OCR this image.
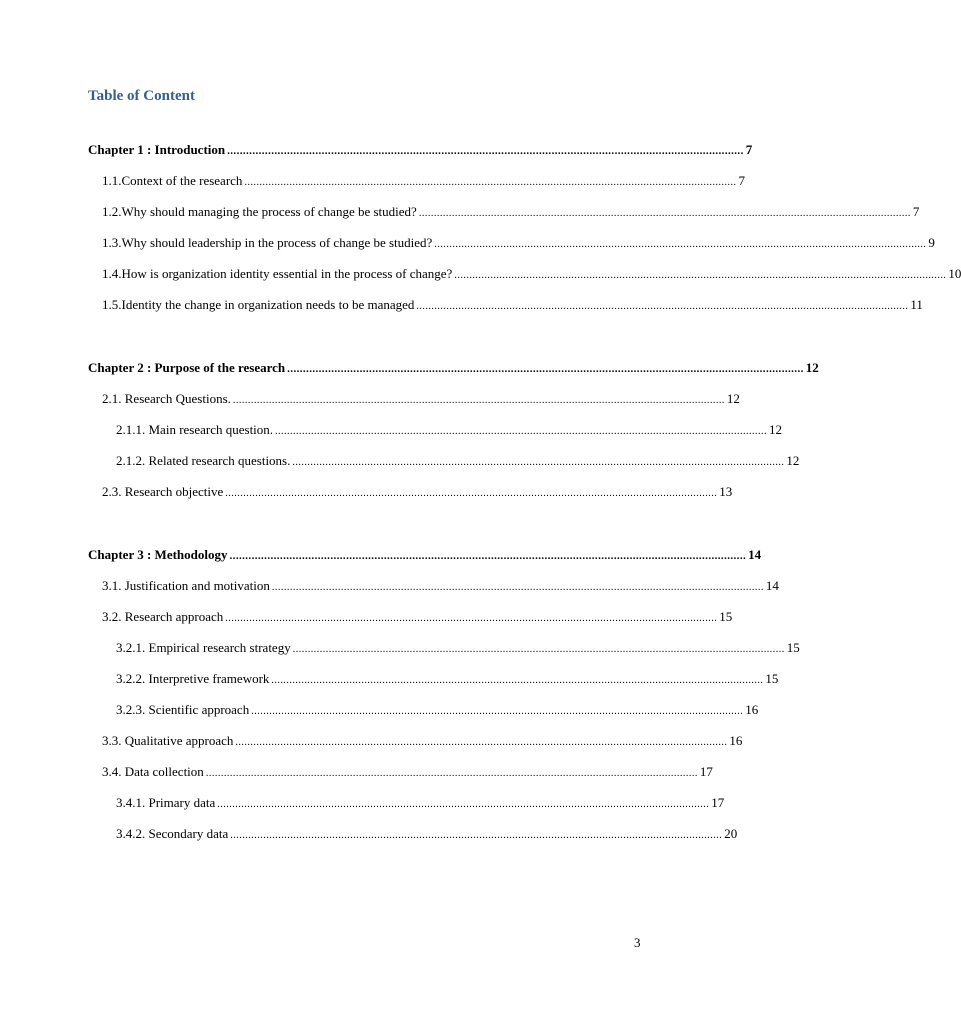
Table of Content
Chapter 1 : Introduction .................................................................................................................................................................... 7
1.1.Context of the research .................................................................................................................................................................... 7
1.2.Why should managing the process of change be studied? .................................................................................................................................................................... 7
1.3.Why should leadership in the process of change be studied? .................................................................................................................................................................... 9
1.4.How is organization identity essential in the process of change? .................................................................................................................................................................... 10
1.5.Identity the change in organization needs to be managed .................................................................................................................................................................... 11
Chapter 2 : Purpose of the research .................................................................................................................................................................... 12
2.1. Research Questions. .................................................................................................................................................................... 12
2.1.1. Main research question. .................................................................................................................................................................... 12
2.1.2. Related research questions. .................................................................................................................................................................... 12
2.3. Research objective .................................................................................................................................................................... 13
Chapter 3 : Methodology .................................................................................................................................................................... 14
3.1. Justification and motivation .................................................................................................................................................................... 14
3.2. Research approach .................................................................................................................................................................... 15
3.2.1. Empirical research strategy .................................................................................................................................................................... 15
3.2.2. Interpretive framework .................................................................................................................................................................... 15
3.2.3. Scientific approach .................................................................................................................................................................... 16
3.3. Qualitative approach .................................................................................................................................................................... 16
3.4. Data collection .................................................................................................................................................................... 17
3.4.1. Primary data .................................................................................................................................................................... 17
3.4.2. Secondary data .................................................................................................................................................................... 20
3
